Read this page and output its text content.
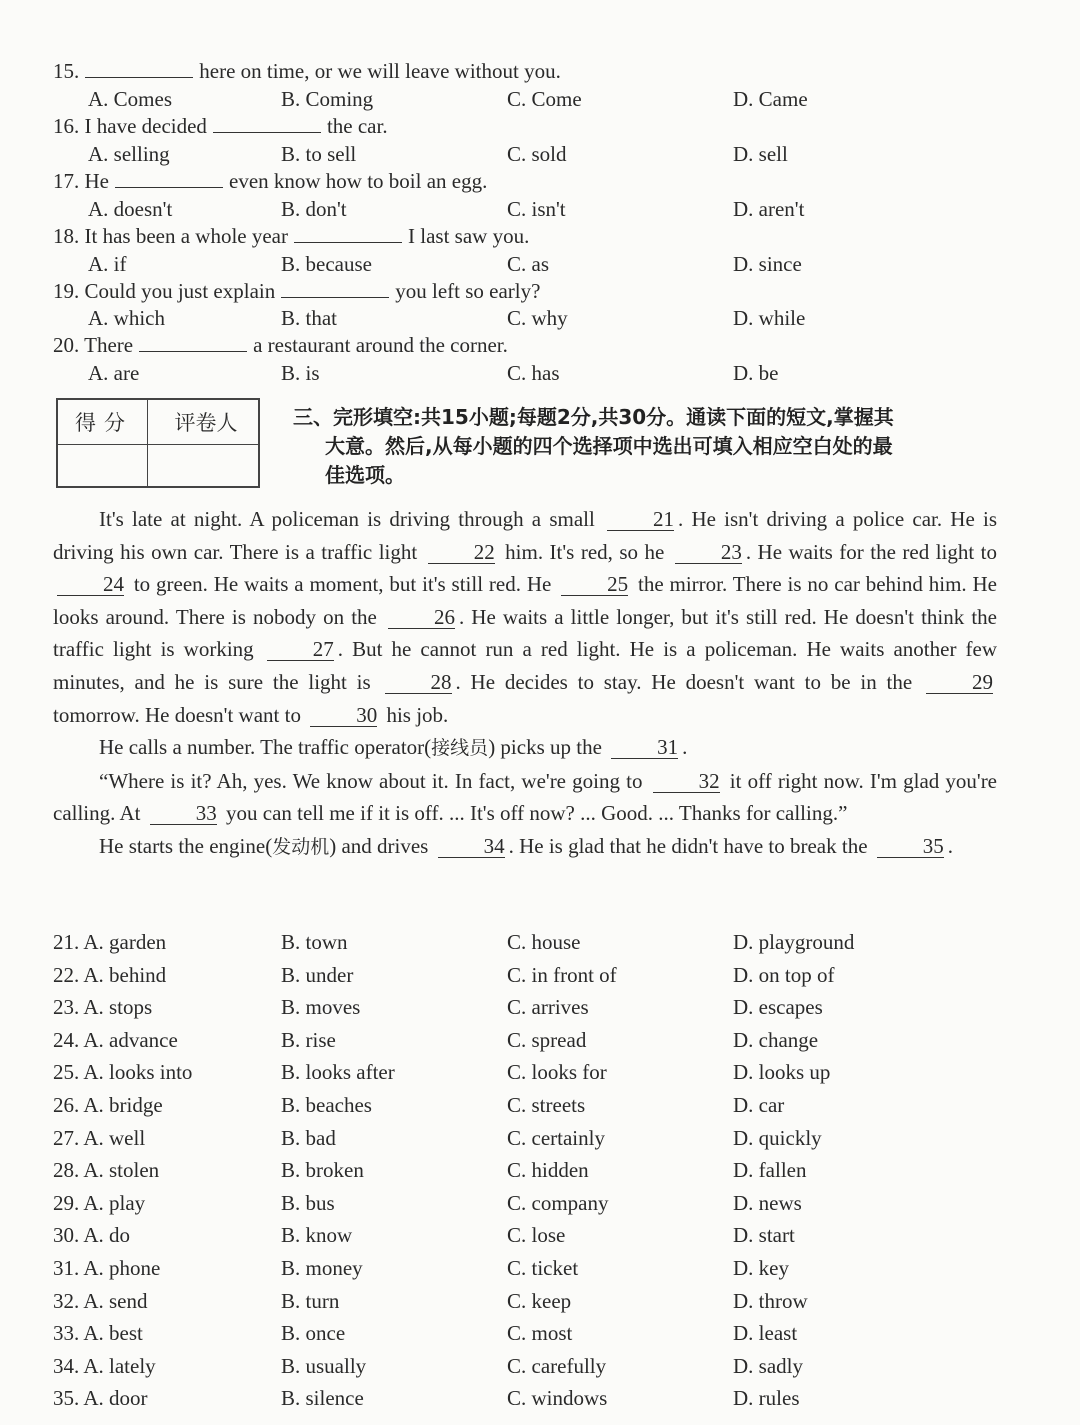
15.	here on time, or we will leave without you.
A. Comes	B. Coming	C. Come	D. Came
16. I have decided	the car.
A. selling	B. to sell	C. sold	D. sell
17. He	even know how to boil an egg.
A. doesn't	B. don't	C. isn't	D. aren't
18. It has been a whole year	I last saw you.
A. if	B. because	C. as	D. since
19. Could you just explain	you left so early?
A. which	B. that	C. why	D. while
20. There	a restaurant around the corner.
A. are	B. is	C. has	D. be
得分	评卷人	三、完形填空:共15小题;每题2分,共30分。通读下面的短文,掌握其
大意。然后,从每小题的四个选择项中选出可填入相应空白处的最
佳选项。
It's late at night. A policeman is driving through a small 21 . He isn't driving a police car. He is driving his own car. There is a traffic light 22 him. It's red, so he 23 . He waits for the red light to 24 to green. He waits a moment, but it's still red. He 25 the mirror. There is no car behind him. He looks around. There is nobody on the 26 . He waits a little longer, but it's still red. He doesn't think the traffic light is working 27 . But he cannot run a red light. He is a policeman. He waits another few minutes, and he is sure the light is 28 . He decides to stay. He doesn't want to be in the 29 tomorrow. He doesn't want to 30 his job.
He calls a number. The traffic operator(接线员) picks up the 31 .
“Where is it? Ah, yes. We know about it. In fact, we're going to 32 it off right now. I'm glad you're calling. At 33 you can tell me if it is off. ... It's off now? ... Good. ... Thanks for calling.”
He starts the engine(发动机) and drives 34 . He is glad that he didn't have to break the 35 .
21. A. garden	B. town	C. house	D. playground
22. A. behind	B. under	C. in front of	D. on top of
23. A. stops	B. moves	C. arrives	D. escapes
24. A. advance	B. rise	C. spread	D. change
25. A. looks into	B. looks after	C. looks for	D. looks up
26. A. bridge	B. beaches	C. streets	D. car
27. A. well	B. bad	C. certainly	D. quickly
28. A. stolen	B. broken	C. hidden	D. fallen
29. A. play	B. bus	C. company	D. news
30. A. do	B. know	C. lose	D. start
31. A. phone	B. money	C. ticket	D. key
32. A. send	B. turn	C. keep	D. throw
33. A. best	B. once	C. most	D. least
34. A. lately	B. usually	C. carefully	D. sadly
35. A. door	B. silence	C. windows	D. rules
